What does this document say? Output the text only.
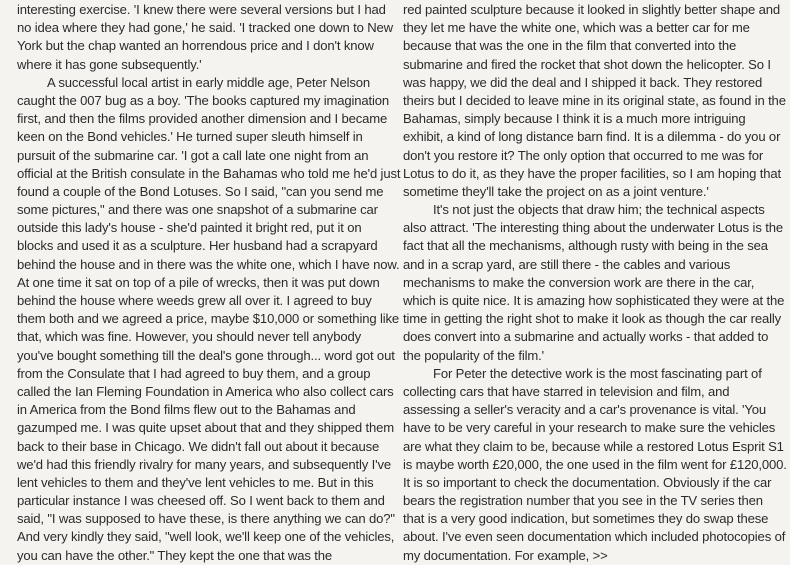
interesting exercise. 'I knew there were several versions but I had no idea where they had gone,' he said. 'I tracked one down to New York but the chap wanted an horrendous price and I don't know where it has gone subsequently.'

A successful local artist in early middle age, Peter Nelson caught the 007 bug as a boy. 'The books captured my imagination first, and then the films provided another dimension and I became keen on the Bond vehicles.' He turned super sleuth himself in pursuit of the submarine car. 'I got a call late one night from an official at the British consulate in the Bahamas who told me he'd just found a couple of the Bond Lotuses. So I said, "can you send me some pictures," and there was one snapshot of a submarine car outside this lady's house - she'd painted it bright red, put it on blocks and used it as a sculpture. Her husband had a scrapyard behind the house and in there was the white one, which I have now. At one time it sat on top of a pile of wrecks, then it was put down behind the house where weeds grew all over it. I agreed to buy them both and we agreed a price, maybe $10,000 or something like that, which was fine. However, you should never tell anybody you've bought something till the deal's gone through... word got out from the Consulate that I had agreed to buy them, and a group called the Ian Fleming Foundation in America who also collect cars in America from the Bond films flew out to the Bahamas and gazumped me. I was quite upset about that and they shipped them back to their base in Chicago. We didn't fall out about it because we'd had this friendly rivalry for many years, and subsequently I've lent vehicles to them and they've lent vehicles to me. But in this particular instance I was cheesed off. So I went back to them and said, "I was supposed to have these, is there anything we can do?" And very kindly they said, "well look, we'll keep one of the vehicles, you can have the other." They kept the one that was the

red painted sculpture because it looked in slightly better shape and they let me have the white one, which was a better car for me because that was the one in the film that converted into the submarine and fired the rocket that shot down the helicopter. So I was happy, we did the deal and I shipped it back. They restored theirs but I decided to leave mine in its original state, as found in the Bahamas, simply because I think it is a much more intriguing exhibit, a kind of long distance barn find. It is a dilemma - do you or don't you restore it? The only option that occurred to me was for Lotus to do it, as they have the proper facilities, so I am hoping that sometime they'll take the project on as a joint venture.'

It's not just the objects that draw him; the technical aspects also attract. 'The interesting thing about the underwater Lotus is the fact that all the mechanisms, although rusty with being in the sea and in a scrap yard, are still there - the cables and various mechanisms to make the conversion work are there in the car, which is quite nice. It is amazing how sophisticated they were at the time in getting the right shot to make it look as though the car really does convert into a submarine and actually works - that added to the popularity of the film.'

For Peter the detective work is the most fascinating part of collecting cars that have starred in television and film, and assessing a seller's veracity and a car's provenance is vital. 'You have to be very careful in your research to make sure the vehicles are what they claim to be, because while a restored Lotus Esprit S1 is maybe worth £20,000, the one used in the film went for £120,000. It is so important to check the documentation. Obviously if the car bears the registration number that you see in the TV series then that is a very good indication, but sometimes they do swap these about. I've even seen documentation which included photocopies of my documentation. For example, >>
